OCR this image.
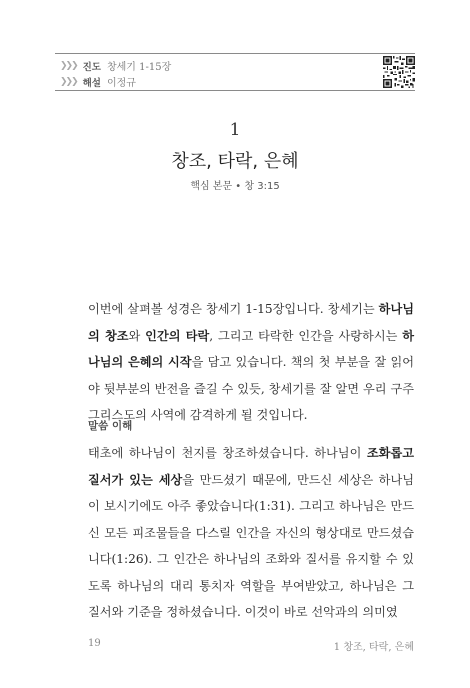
❯❯❯ 진도 창세기 1-15장
❯❯❯ 해설 이정규
1
창조, 타락, 은혜
핵심 본문 • 창 3:15
이번에 살펴볼 성경은 창세기 1-15장입니다. 창세기는 하나님의 창조와 인간의 타락, 그리고 타락한 인간을 사랑하시는 하나님의 은혜의 시작을 담고 있습니다. 책의 첫 부분을 잘 읽어야 뒷부분의 반전을 즐길 수 있듯, 창세기를 잘 알면 우리 구주 그리스도의 사역에 감격하게 될 것입니다.
말씀 이해
태초에 하나님이 천지를 창조하셨습니다. 하나님이 조화롭고 질서가 있는 세상을 만드셨기 때문에, 만드신 세상은 하나님이 보시기에도 아주 좋았습니다(1:31). 그리고 하나님은 만드신 모든 피조물들을 다스릴 인간을 자신의 형상대로 만드셨습니다(1:26). 그 인간은 하나님의 조화와 질서를 유지할 수 있도록 하나님의 대리 통치자 역할을 부여받았고, 하나님은 그 질서와 기준을 정하셨습니다. 이것이 바로 선악과의 의미였
19	1 창조, 타락, 은혜
